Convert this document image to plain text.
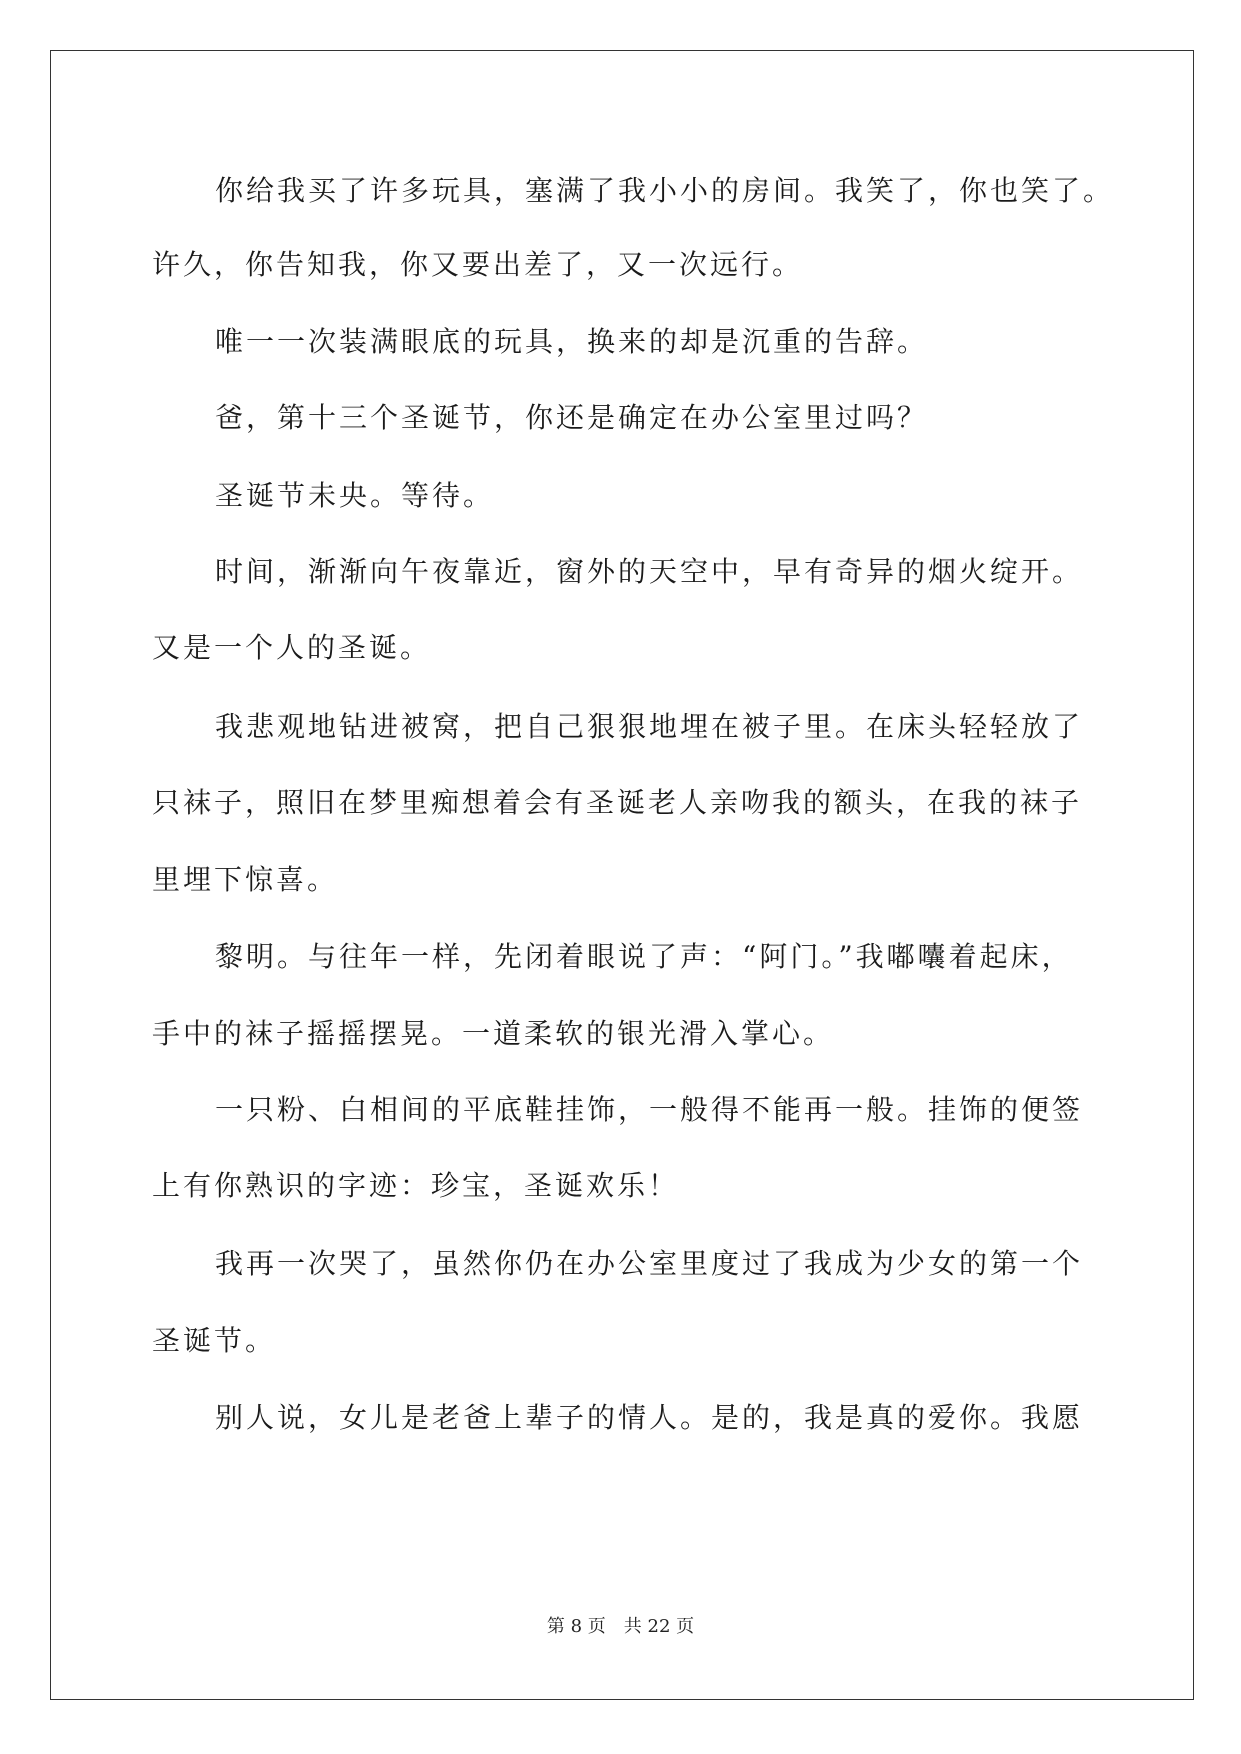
你给我买了许多玩具，塞满了我小小的房间。我笑了，你也笑了。
许久，你告知我，你又要出差了，又一次远行。
唯一一次装满眼底的玩具，换来的却是沉重的告辞。
爸，第十三个圣诞节，你还是确定在办公室里过吗？
圣诞节未央。等待。
时间，渐渐向午夜靠近，窗外的天空中，早有奇异的烟火绽开。
又是一个人的圣诞。
我悲观地钻进被窝，把自己狠狠地埋在被子里。在床头轻轻放了
只袜子，照旧在梦里痴想着会有圣诞老人亲吻我的额头，在我的袜子
里埋下惊喜。
黎明。与往年一样，先闭着眼说了声：“阿门。”我嘟囔着起床，
手中的袜子摇摇摆晃。一道柔软的银光滑入掌心。
一只粉、白相间的平底鞋挂饰，一般得不能再一般。挂饰的便签
上有你熟识的字迹：珍宝，圣诞欢乐！
我再一次哭了，虽然你仍在办公室里度过了我成为少女的第一个
圣诞节。
别人说，女儿是老爸上辈子的情人。是的，我是真的爱你。我愿
第 8 页 共 22 页
